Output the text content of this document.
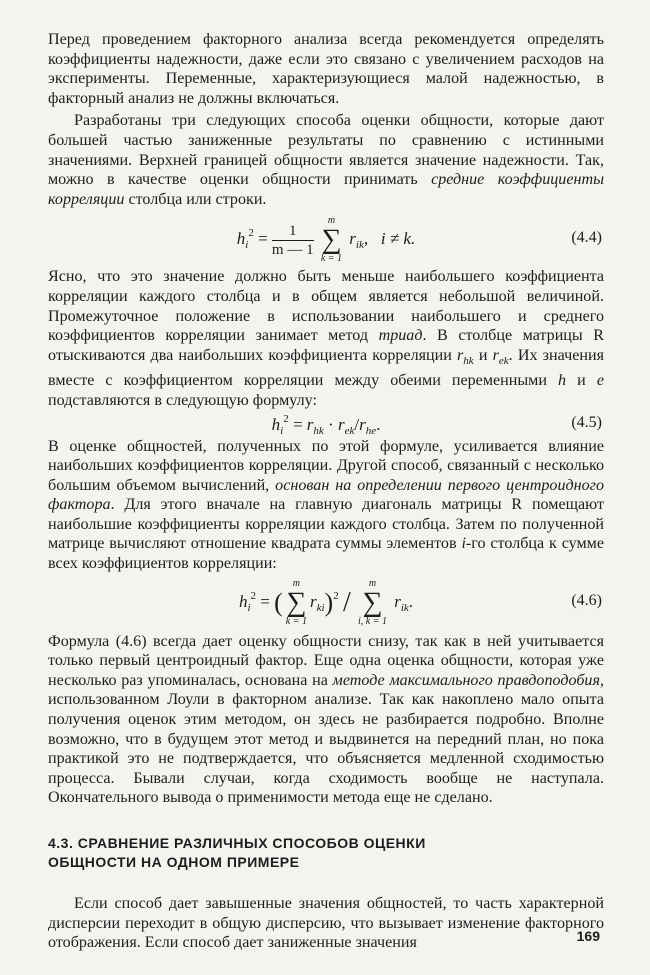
Перед проведением факторного анализа всегда рекомендуется определять коэффициенты надежности, даже если это связано с увеличением расходов на эксперименты. Переменные, характеризующиеся малой надежностью, в факторный анализ не должны включаться.

Разработаны три следующих способа оценки общности, которые дают большей частью заниженные результаты по сравнению с истинными значениями. Верхней границей общности является значение надежности. Так, можно в качестве оценки общности принимать средние коэффициенты корреляции столбца или строки.

$h_i^2 = \frac{1}{m — 1}$

m
∑
k = 1
$r_{ik}$,   i ≠ k.	(4.4)

Ясно, что это значение должно быть меньше наибольшего коэффициента корреляции каждого столбца и в общем является небольшой величиной. Промежуточное положение в использовании наибольшего и среднего коэффициентов корреляции занимает метод триад. В столбце матрицы R отыскиваются два наибольших коэффициента корреляции $r_{hk}$ и $r_{ek}$. Их значения вместе с коэффициентом корреляции между обеими переменными h и e подставляются в следующую формулу:

$h_i^2 = r_{hk} \cdot r_{ek}/r_{he}$.	(4.5)

В оценке общностей, полученных по этой формуле, усиливается влияние наибольших коэффициентов корреляции. Другой способ, связанный с несколько большим объемом вычислений, основан на определении первого центроидного фактора. Для этого вначале на главную диагональ матрицы R помещают наибольшие коэффициенты корреляции каждого столбца. Затем по полученной матрице вычисляют отношение квадрата суммы элементов i-го столбца к сумме всех коэффициентов корреляции:

$h_i^2$ = (
m
∑
k = 1
$r_{ki})^2$ /
m
∑
i, k = 1
$r_{ik}$.	(4.6)

Формула (4.6) всегда дает оценку общности снизу, так как в ней учитывается только первый центроидный фактор. Еще одна оценка общности, которая уже несколько раз упоминалась, основана на методе максимального правдоподобия, использованном Лоули в факторном анализе. Так как накоплено мало опыта получения оценок этим методом, он здесь не разбирается подробно. Вполне возможно, что в будущем этот метод и выдвинется на передний план, но пока практикой это не подтверждается, что объясняется медленной сходимостью процесса. Бывали случаи, когда сходимость вообще не наступала. Окончательного вывода о применимости метода еще не сделано.

4.3. СРАВНЕНИЕ РАЗЛИЧНЫХ СПОСОБОВ ОЦЕНКИ
ОБЩНОСТИ НА ОДНОМ ПРИМЕРЕ

Если способ дает завышенные значения общностей, то часть характерной дисперсии переходит в общую дисперсию, что вызывает изменение факторного отображения. Если способ дает заниженные значения	169
